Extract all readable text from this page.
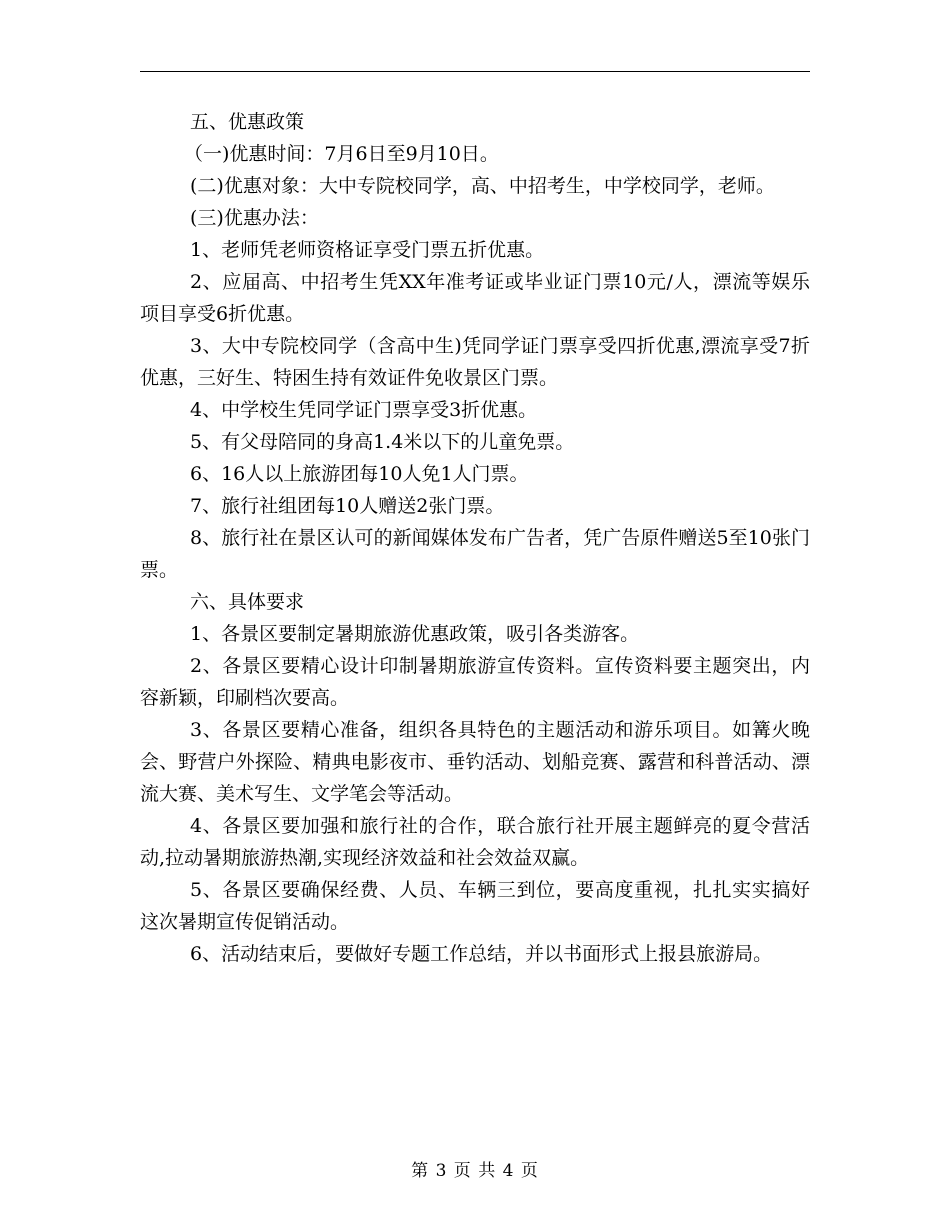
五、优惠政策

（一)优惠时间：7月6日至9月10日。

(二)优惠对象：大中专院校同学，高、中招考生，中学校同学，老师。

(三)优惠办法：

1、老师凭老师资格证享受门票五折优惠。

2、应届高、中招考生凭XX年准考证或毕业证门票10元/人，漂流等娱乐项目享受6折优惠。

3、大中专院校同学（含高中生)凭同学证门票享受四折优惠,漂流享受7折优惠，三好生、特困生持有效证件免收景区门票。

4、中学校生凭同学证门票享受3折优惠。

5、有父母陪同的身高1.4米以下的儿童免票。

6、16人以上旅游团每10人免1人门票。

7、旅行社组团每10人赠送2张门票。

8、旅行社在景区认可的新闻媒体发布广告者，凭广告原件赠送5至10张门票。

六、具体要求

1、各景区要制定暑期旅游优惠政策，吸引各类游客。

2、各景区要精心设计印制暑期旅游宣传资料。宣传资料要主题突出，内容新颖，印刷档次要高。

3、各景区要精心准备，组织各具特色的主题活动和游乐项目。如篝火晚会、野营户外探险、精典电影夜市、垂钓活动、划船竞赛、露营和科普活动、漂流大赛、美术写生、文学笔会等活动。

4、各景区要加强和旅行社的合作，联合旅行社开展主题鲜亮的夏令营活动,拉动暑期旅游热潮,实现经济效益和社会效益双赢。

5、各景区要确保经费、人员、车辆三到位，要高度重视，扎扎实实搞好这次暑期宣传促销活动。

6、活动结束后，要做好专题工作总结，并以书面形式上报县旅游局。

第 3 页 共 4 页
